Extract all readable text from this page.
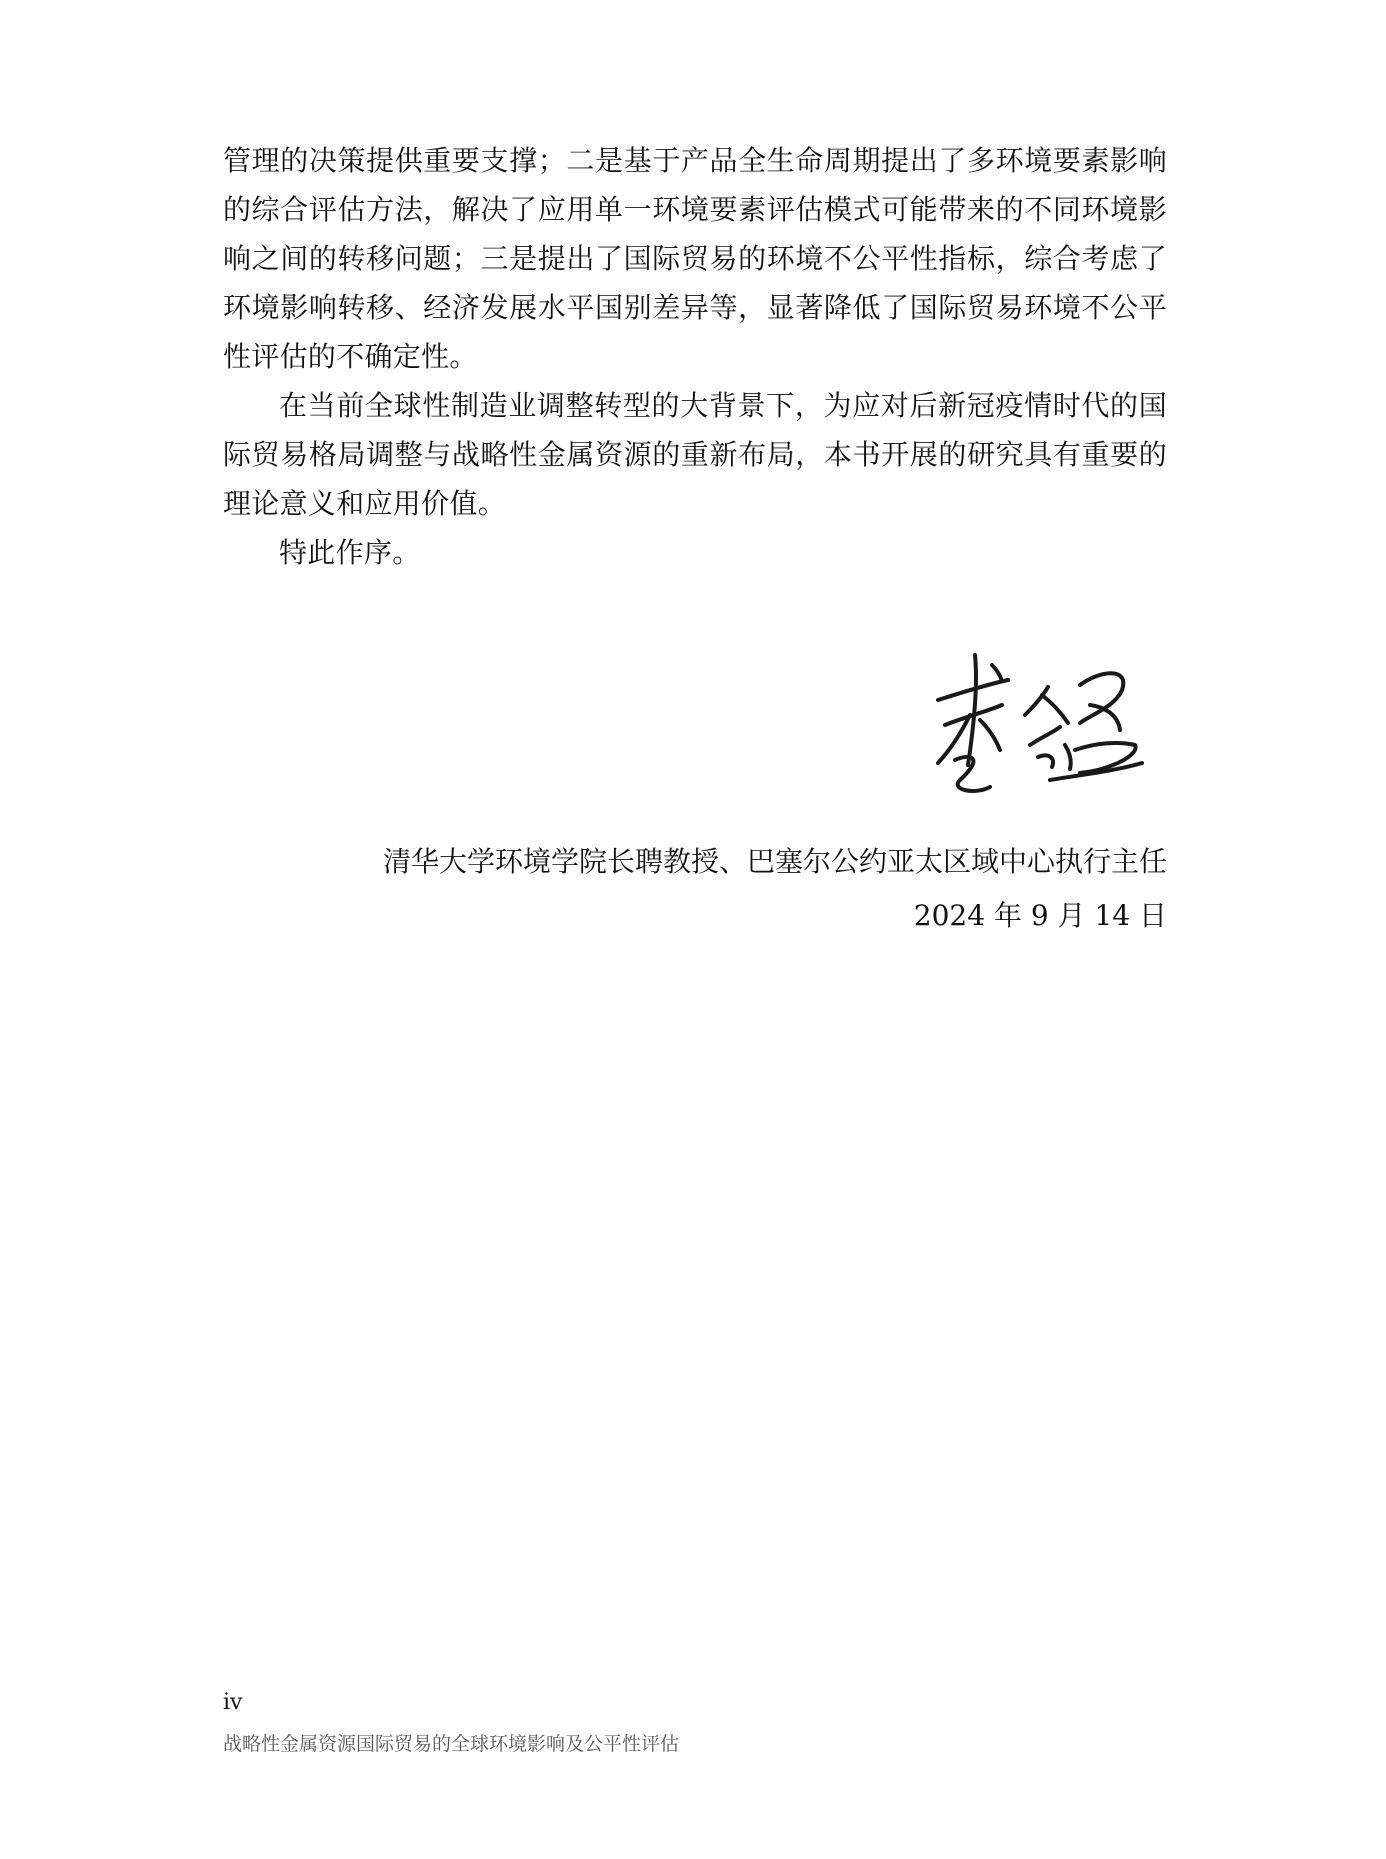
管理的决策提供重要支撑；二是基于产品全生命周期提出了多环境要素影响的综合评估方法，解决了应用单一环境要素评估模式可能带来的不同环境影响之间的转移问题；三是提出了国际贸易的环境不公平性指标，综合考虑了环境影响转移、经济发展水平国别差异等，显著降低了国际贸易环境不公平性评估的不确定性。

在当前全球性制造业调整转型的大背景下，为应对后新冠疫情时代的国际贸易格局调整与战略性金属资源的重新布局，本书开展的研究具有重要的理论意义和应用价值。

特此作序。

清华大学环境学院长聘教授、巴塞尔公约亚太区域中心执行主任
2024 年 9 月 14 日
iv
战略性金属资源国际贸易的全球环境影响及公平性评估
